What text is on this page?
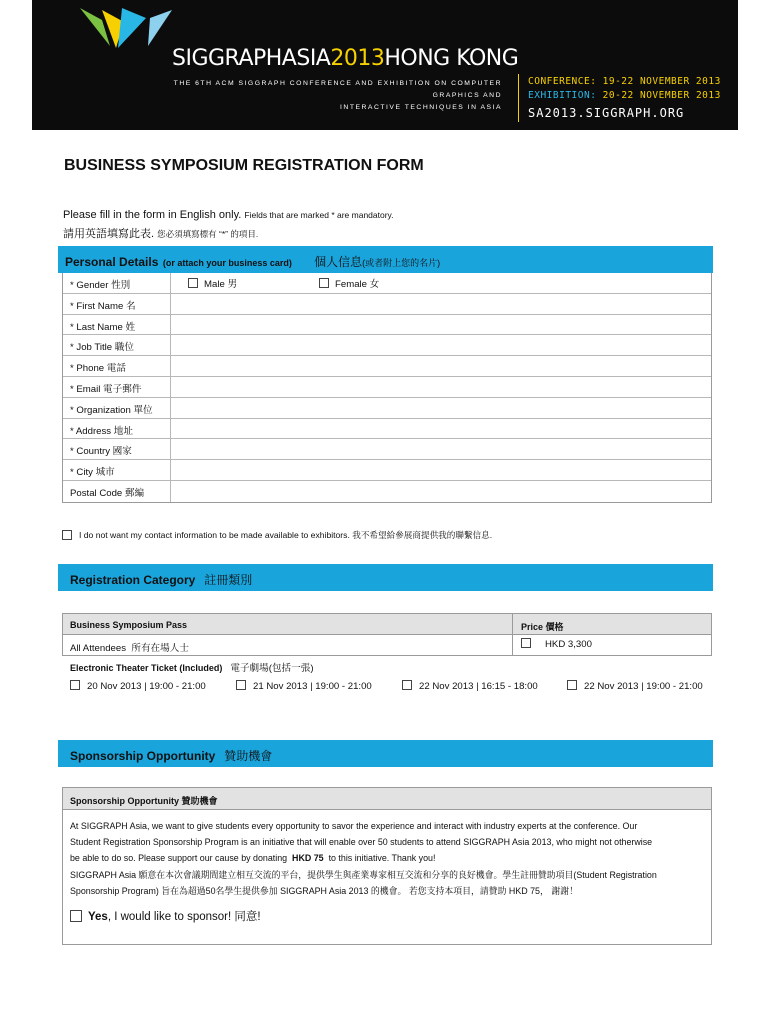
SIGGRAPHASIA2013HONG KONG
THE 6TH ACM SIGGRAPH CONFERENCE AND EXHIBITION ON COMPUTER GRAPHICS AND
INTERACTIVE TECHNIQUES IN ASIA
CONFERENCE: 19-22 NOVEMBER 2013
EXHIBITION: 20-22 NOVEMBER 2013
SA2013.SIGGRAPH.ORG
BUSINESS SYMPOSIUM REGISTRATION FORM
Please fill in the form in English only. Fields that are marked * are mandatory.
請用英語填寫此表. 您必須填寫標有 “*” 的項目.
Personal Details (or attach your business card) 個人信息(或者附上您的名片)
* Gender 性別	Male 男	Female 女
* First Name 名
* Last Name 姓
* Job Title 職位
* Phone 電話
* Email 電子郵件
* Organization 單位
* Address 地址
* Country 國家
* City 城市
Postal Code 郵編
I do not want my contact information to be made available to exhibitors. 我不希望給參展商提供我的聯繫信息.
Registration Category 註冊類別
Business Symposium Pass	Price 價格
All Attendees 所有在場人士	HKD 3,300
Electronic Theater Ticket (Included) 電子劇場(包括一張)
20 Nov 2013 | 19:00 - 21:00	21 Nov 2013 | 19:00 - 21:00	22 Nov 2013 | 16:15 - 18:00	22 Nov 2013 | 19:00 - 21:00
Sponsorship Opportunity 贊助機會
Sponsorship Opportunity 贊助機會

At SIGGRAPH Asia, we want to give students every opportunity to savor the experience and interact with industry experts at the conference. Our

Student Registration Sponsorship Program is an initiative that will enable over 50 students to attend SIGGRAPH Asia 2013, who might not otherwise

be able to do so. Please support our cause by donating HKD 75 to this initiative. Thank you!

SIGGRAPH Asia 願意在本次會議期間建立相互交流的平台，提供學生與產業專家相互交流和分享的良好機會。學生註冊贊助項目(Student Registration

Sponsorship Program) 旨在為超過50名學生提供參加 SIGGRAPH Asia 2013 的機會。 若您支持本項目，請贊助 HKD 75， 謝謝！

Yes, I would like to sponsor! 同意!
